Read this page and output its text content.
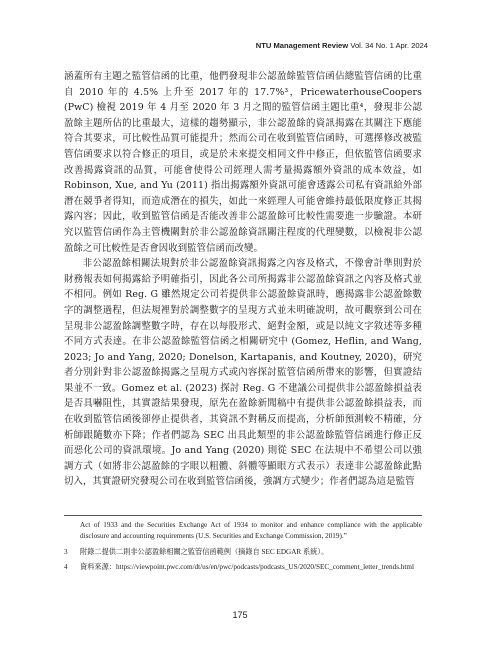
NTU Management Review Vol. 34 No. 1 Apr. 2024

涵蓋所有主題之監管信函的比重，他們發現非公認盈餘監管信函佔總監管信函的比重自 2010 年的 4.5% 上升至 2017 年的 17.7%³，PricewaterhouseCoopers (PwC) 檢視 2019 年 4 月至 2020 年 3 月之間的監管信函主題比重⁴，發現非公認盈餘主題所佔的比重最大，這樣的趨勢顯示，非公認盈餘的資訊揭露在其關注下應能符合其要求，可比較性品質可能提升；然而公司在收到監管信函時，可選擇修改被監管信函要求以符合修正的項目，或是於未來提交相同文件中修正，但依監管信函要求改善揭露資訊的品質，可能會使得公司經理人需考量揭露額外資訊的成本效益，如 Robinson, Xue, and Yu (2011) 指出揭露額外資訊可能會透露公司私有資訊給外部潛在競爭者得知，而造成潛在的損失，如此一來經理人可能會維持最低限度修正其揭露內容；因此，收到監管信函是否能改善非公認盈餘可比較性需要進一步驗證。本研究以監管信函作為主管機關對於非公認盈餘資訊關注程度的代理變數，以檢視非公認盈餘之可比較性是否會因收到監管信函而改變。

非公認盈餘相關法規對於非公認盈餘資訊揭露之內容及格式，不像會計準則對於財務報表如何揭露給予明確指引，因此各公司所揭露非公認盈餘資訊之內容及格式並不相同。例如 Reg. G 雖然規定公司若提供非公認盈餘資訊時，應揭露非公認盈餘數字的調整過程，但法規裡對於調整數字的呈現方式並未明確說明，故可觀察到公司在呈現非公認盈餘調整數字時，存在以每股形式、絕對金額，或是以純文字敘述等多種不同方式表達。在非公認盈餘監管信函之相關研究中 (Gomez, Heflin, and Wang, 2023; Jo and Yang, 2020; Donelson, Kartapanis, and Koutney, 2020)，研究者分別針對非公認盈餘揭露之呈現方式或內容探討監管信函所帶來的影響，但實證結果並不一致。Gomez et al. (2023) 探討 Reg. G 不建議公司提供非公認盈餘損益表是否具嚇阻性，其實證結果發現，原先在盈餘新聞稿中有提供非公認盈餘損益表，而在收到監管信函後卻停止提供者，其資訊不對稱反而提高，分析師預測較不精確，分析師跟隨數亦下降；作者們認為 SEC 出具此類型的非公認盈餘監管信函進行修正反而惡化公司的資訊環境。Jo and Yang (2020) 則從 SEC 在法規中不希望公司以強調方式（如將非公認盈餘的字眼以粗體、斜體等顯眼方式表示）表達非公認盈餘此點切入，其實證研究發現公司在收到監管信函後，強調方式變少；作者們認為這是監管

Act of 1933 and the Securities Exchange Act of 1934 to monitor and enhance compliance with the applicable disclosure and accounting requirements (U.S. Securities and Exchange Commission, 2019).”
3	附錄二提供二則非公認盈餘相關之監管信函範例（摘錄自 SEC EDGAR 系統）。
4	資料來源：https://viewpoint.pwc.com/dt/us/en/pwc/podcasts/podcasts_US/2020/SEC_comment_letter_trends.html
175
